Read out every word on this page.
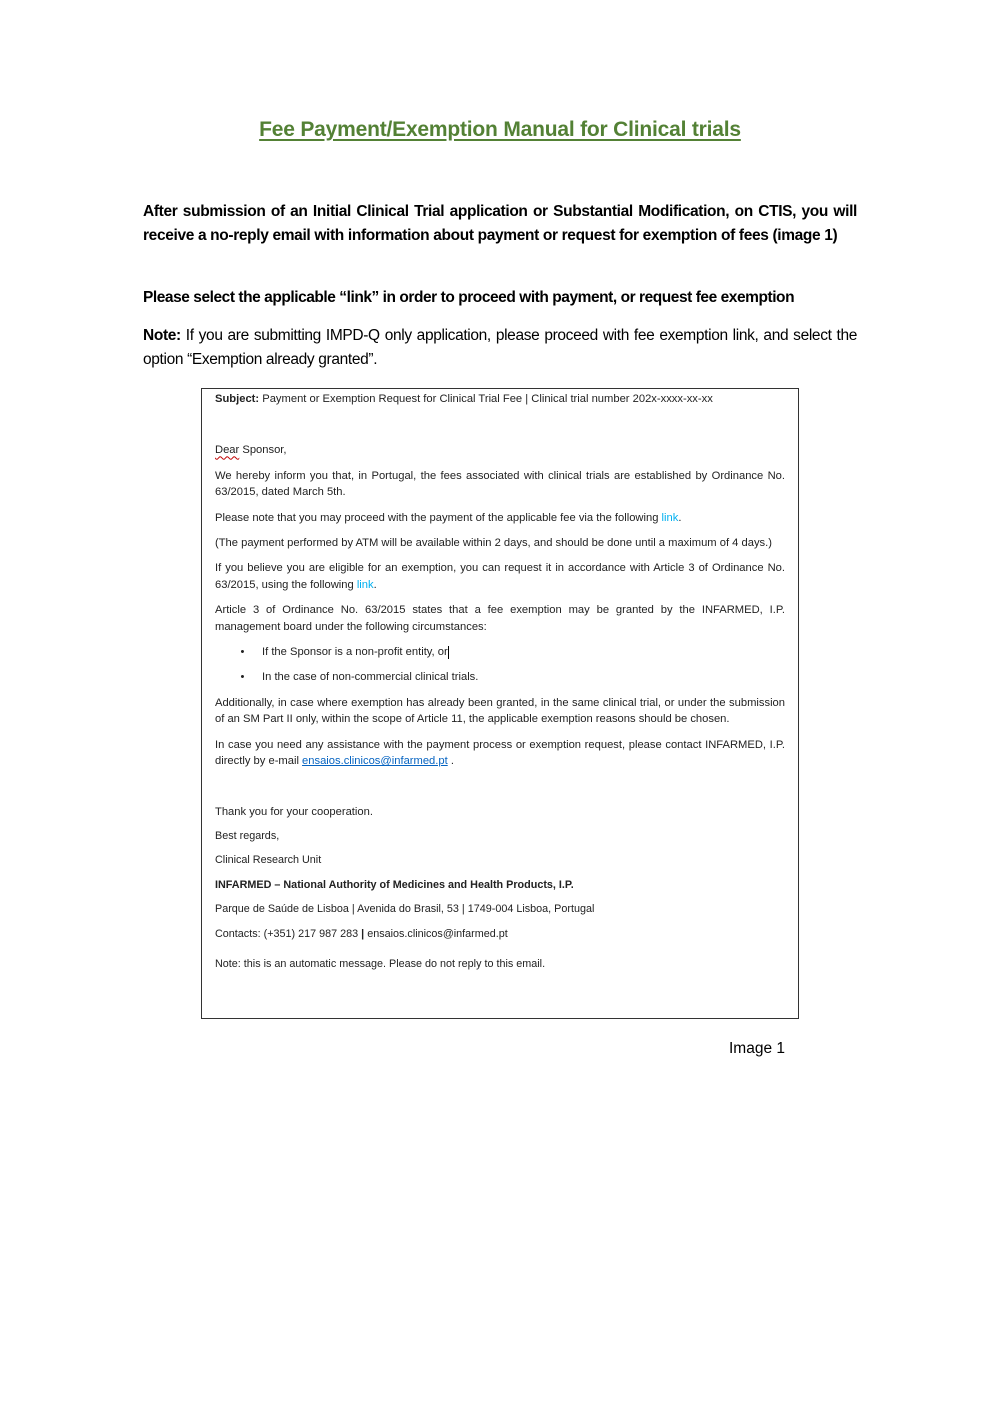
Fee Payment/Exemption Manual for Clinical trials
After submission of an Initial Clinical Trial application or Substantial Modification, on CTIS, you will receive a no-reply email with information about payment or request for exemption of fees (image 1)
Please select the applicable “link” in order to proceed with payment, or request fee exemption
Note: If you are submitting IMPD-Q only application, please proceed with fee exemption link, and select the option “Exemption already granted”.

Subject: Payment or Exemption Request for Clinical Trial Fee | Clinical trial number 202x-xxxx-xx-xx

Dear Sponsor,

We hereby inform you that, in Portugal, the fees associated with clinical trials are established by Ordinance No. 63/2015, dated March 5th.

Please note that you may proceed with the payment of the applicable fee via the following link.

(The payment performed by ATM will be available within 2 days, and should be done until a maximum of 4 days.)

If you believe you are eligible for an exemption, you can request it in accordance with Article 3 of Ordinance No. 63/2015, using the following link.

Article 3 of Ordinance No. 63/2015 states that a fee exemption may be granted by the INFARMED, I.P. management board under the following circumstances:

•	If the Sponsor is a non-profit entity, or
•	In the case of non-commercial clinical trials.

Additionally, in case where exemption has already been granted, in the same clinical trial, or under the submission of an SM Part II only, within the scope of Article 11, the applicable exemption reasons should be chosen.

In case you need any assistance with the payment process or exemption request, please contact INFARMED, I.P. directly by e-mail ensaios.clinicos@infarmed.pt .

Thank you for your cooperation.

Best regards,

Clinical Research Unit

INFARMED – National Authority of Medicines and Health Products, I.P.

Parque de Saúde de Lisboa | Avenida do Brasil, 53 | 1749-004 Lisboa, Portugal

Contacts: (+351) 217 987 283 | ensaios.clinicos@infarmed.pt

Note: this is an automatic message. Please do not reply to this email.

Image 1
